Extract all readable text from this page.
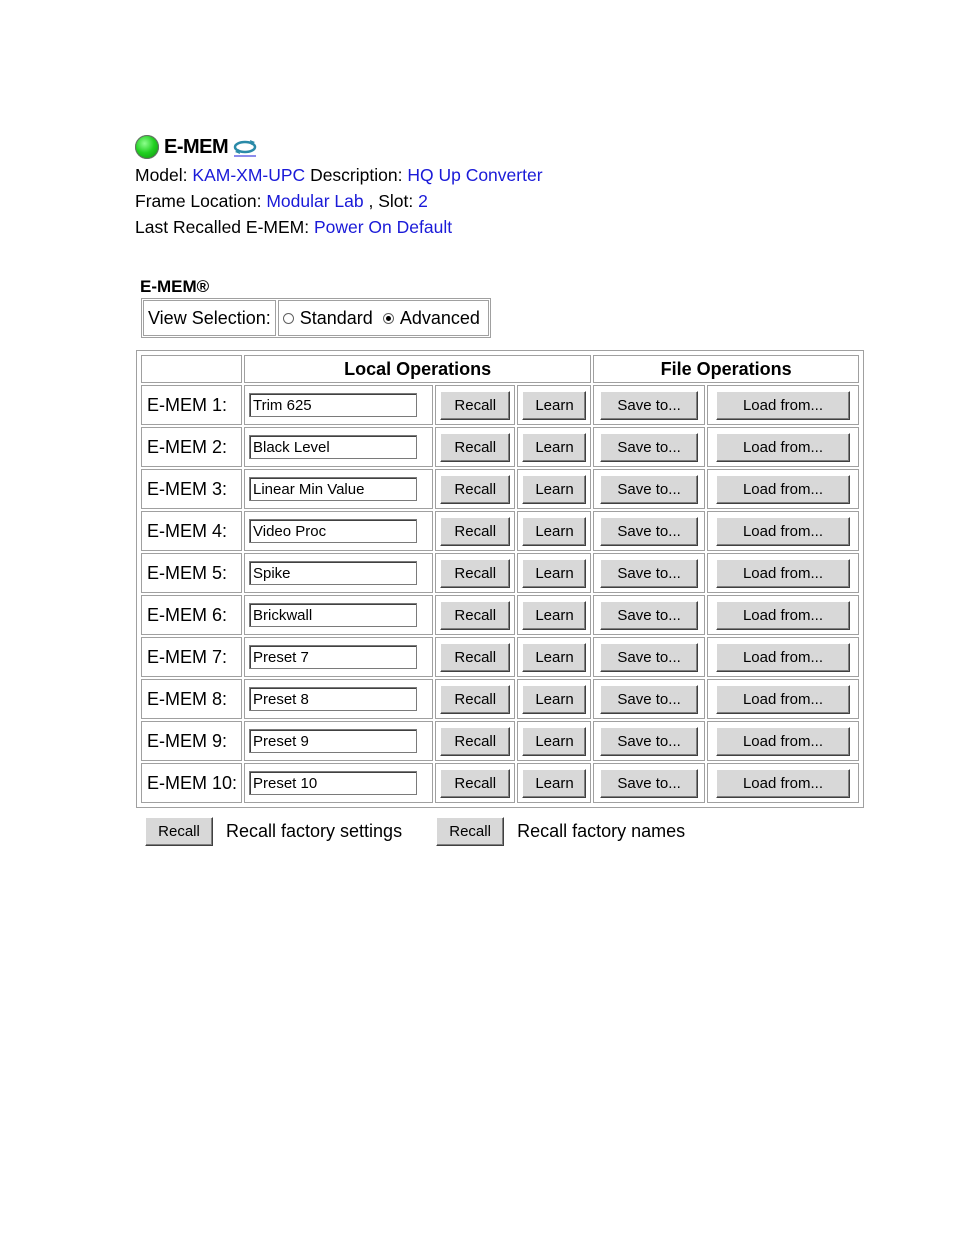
E-MEM
Model: KAM-XM-UPC Description: HQ Up Converter
Frame Location: Modular Lab , Slot: 2
Last Recalled E-MEM: Power On Default
E-MEM®
View Selection: Standard Advanced
	Local Operations			File Operations	
E-MEM 1:	Trim 625	Recall	Learn	Save to...	Load from...
E-MEM 2:	Black Level	Recall	Learn	Save to...	Load from...
E-MEM 3:	Linear Min Value	Recall	Learn	Save to...	Load from...
E-MEM 4:	Video Proc	Recall	Learn	Save to...	Load from...
E-MEM 5:	Spike	Recall	Learn	Save to...	Load from...
E-MEM 6:	Brickwall	Recall	Learn	Save to...	Load from...
E-MEM 7:	Preset 7	Recall	Learn	Save to...	Load from...
E-MEM 8:	Preset 8	Recall	Learn	Save to...	Load from...
E-MEM 9:	Preset 9	Recall	Learn	Save to...	Load from...
E-MEM 10:	Preset 10	Recall	Learn	Save to...	Load from...
Recall	Recall factory settings	Recall	Recall factory names
